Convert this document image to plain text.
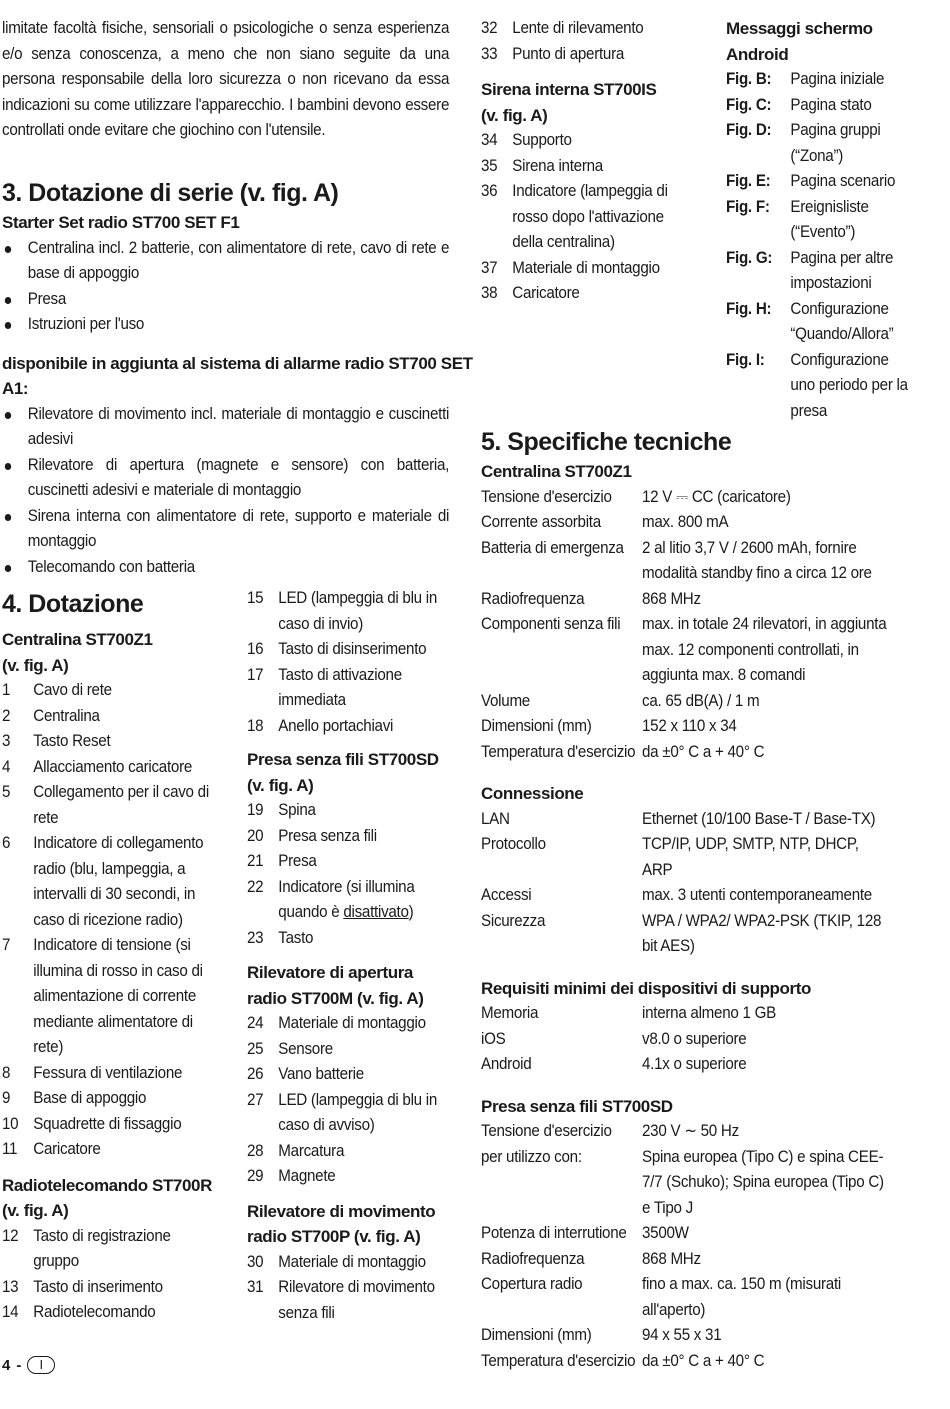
limitate facoltà fisiche, sensoriali o psicologiche o senza esperienza e/o senza conoscenza, a meno che non siano seguite da una persona responsabile della loro sicurezza o non ricevano da essa indicazioni su come utilizzare l'apparecchio. I bambini devono essere controllati onde evitare che giochino con l'utensile.
3. Dotazione di serie (v. fig. A)
Starter Set radio ST700 SET F1
Centralina incl. 2 batterie, con alimentatore di rete, cavo di rete e base di appoggio
Presa
Istruzioni per l'uso
disponibile in aggiunta al sistema di allarme radio ST700 SET A1:
Rilevatore di movimento incl. materiale di montaggio e cuscinetti adesivi
Rilevatore di apertura (magnete e sensore) con batteria, cuscinetti adesivi e materiale di montaggio
Sirena interna con alimentatore di rete, supporto e materiale di montaggio
Telecomando con batteria
4. Dotazione
Centralina ST700Z1
(v. fig. A)
1	Cavo di rete
2	Centralina
3	Tasto Reset
4	Allacciamento caricatore
5	Collegamento per il cavo di rete
6	Indicatore di collegamento radio (blu, lampeggia, a intervalli di 30 secondi, in caso di ricezione radio)
7	Indicatore di tensione (si illumina di rosso in caso di alimentazione di corrente mediante alimentatore di rete)
8	Fessura di ventilazione
9	Base di appoggio
10 Squadrette di fissaggio
11 Caricatore
Radiotelecomando ST700R
(v. fig. A)
12 Tasto di registrazione gruppo
13 Tasto di inserimento
14 Radiotelecomando
15 LED (lampeggia di blu in caso di invio)
16 Tasto di disinserimento
17 Tasto di attivazione immediata
18 Anello portachiavi
Presa senza fili ST700SD
(v. fig. A)
19 Spina
20 Presa senza fili
21 Presa
22 Indicatore (si illumina quando è disattivato)
23 Tasto
Rilevatore di apertura
radio ST700M (v. fig. A)
24 Materiale di montaggio
25 Sensore
26 Vano batterie
27 LED (lampeggia di blu in caso di avviso)
28 Marcatura
29 Magnete
Rilevatore di movimento
radio ST700P (v. fig. A)
30 Materiale di montaggio
31 Rilevatore di movimento senza fili
32 Lente di rilevamento
33 Punto di apertura
Sirena interna ST700IS
(v. fig. A)
34 Supporto
35 Sirena interna
36 Indicatore (lampeggia di rosso dopo l'attivazione della centralina)
37 Materiale di montaggio
38 Caricatore
Messaggi schermo Android
Fig. B:	Pagina iniziale
Fig. C:	Pagina stato
Fig. D:	Pagina gruppi (“Zona”)
Fig. E:	Pagina scenario
Fig. F:	Ereignisliste (“Evento”)
Fig. G:	Pagina per altre impostazioni
Fig. H:	Configurazione “Quando/Allora”
Fig. I:	Configurazione uno periodo per la presa
5. Specifiche tecniche
Centralina ST700Z1
Tensione d'esercizio	12 V ⎓ CC (caricatore)
Corrente assorbita	max. 800 mA
Batteria di emergenza	2 al litio 3,7 V / 2600 mAh, fornire modalità standby fino a circa 12 ore
Radiofrequenza	868 MHz
Componenti senza fili	max. in totale 24 rilevatori, in aggiunta max. 12 componenti controllati, in aggiunta max. 8 comandi
Volume	ca. 65 dB(A) / 1 m
Dimensioni (mm)	152 x 110 x 34
Temperatura d'esercizio da ±0° C a + 40° C
Connessione
LAN	Ethernet (10/100 Base-T / Base-TX)
Protocollo	TCP/IP, UDP, SMTP, NTP, DHCP, ARP
Accessi	max. 3 utenti contemporaneamente
Sicurezza	WPA / WPA2/ WPA2-PSK (TKIP, 128 bit AES)
Requisiti minimi dei dispositivi di supporto
Memoria	interna almeno 1 GB
iOS	v8.0 o superiore
Android	4.1x o superiore
Presa senza fili ST700SD
Tensione d'esercizio	230 V ∼ 50 Hz
per utilizzo con:	Spina europea (Tipo C) e spina CEE-7/7 (Schuko); Spina europea (Tipo C) e Tipo J
Potenza di interrutione 3500W
Radiofrequenza	868 MHz
Copertura radio	fino a max. ca. 150 m (misurati all'aperto)
Dimensioni (mm)	94 x 55 x 31
Temperatura d'esercizio da ±0° C a + 40° C
4 -	I
